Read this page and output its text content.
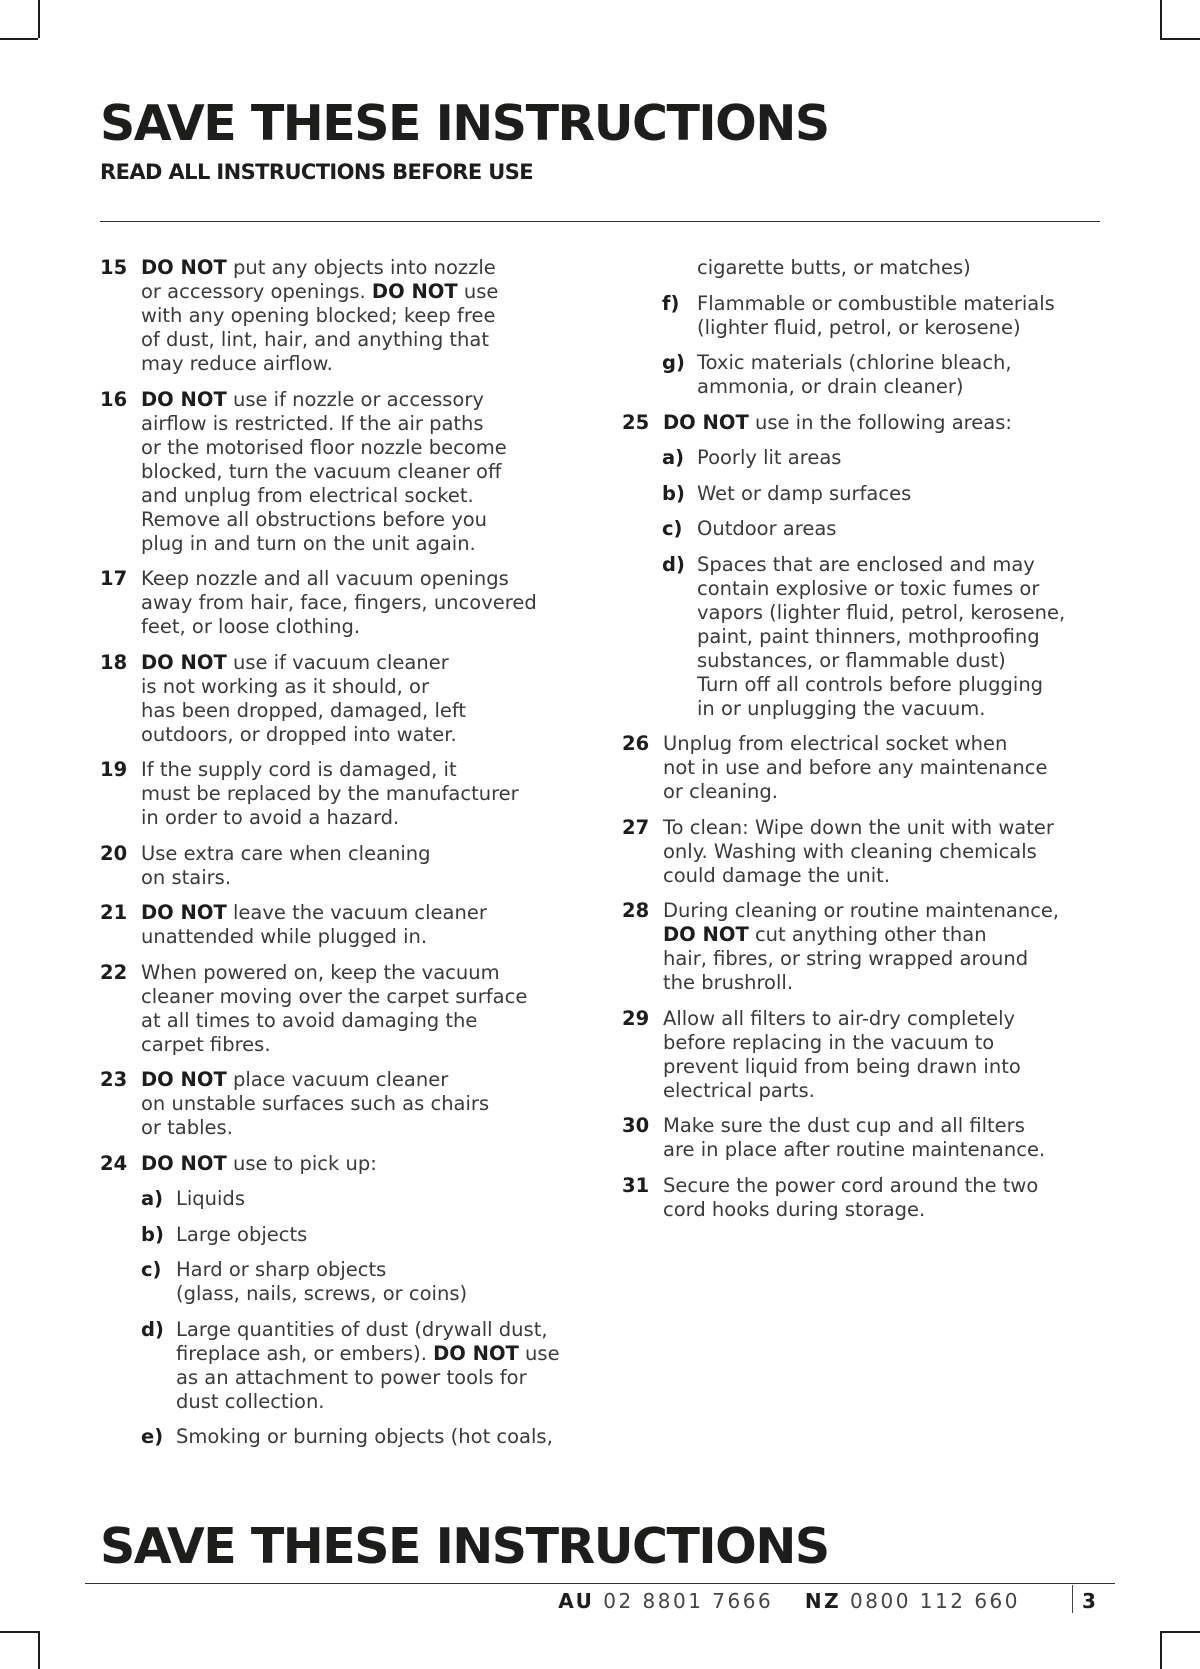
SAVE THESE INSTRUCTIONS
READ ALL INSTRUCTIONS BEFORE USE
15 DO NOT put any objects into nozzle
or accessory openings. DO NOT use
with any opening blocked; keep free
of dust, lint, hair, and anything that
may reduce airflow.
16 DO NOT use if nozzle or accessory
airflow is restricted. If the air paths
or the motorised floor nozzle become
blocked, turn the vacuum cleaner off
and unplug from electrical socket.
Remove all obstructions before you
plug in and turn on the unit again.
17 Keep nozzle and all vacuum openings
away from hair, face, fingers, uncovered
feet, or loose clothing.
18 DO NOT use if vacuum cleaner
is not working as it should, or
has been dropped, damaged, left
outdoors, or dropped into water.
19 If the supply cord is damaged, it
must be replaced by the manufacturer
in order to avoid a hazard.
20 Use extra care when cleaning
on stairs.
21 DO NOT leave the vacuum cleaner
unattended while plugged in.
22 When powered on, keep the vacuum
cleaner moving over the carpet surface
at all times to avoid damaging the
carpet fibres.
23 DO NOT place vacuum cleaner
on unstable surfaces such as chairs
or tables.
24 DO NOT use to pick up:
a) Liquids
b) Large objects
c) Hard or sharp objects
(glass, nails, screws, or coins)
d) Large quantities of dust (drywall dust,
fireplace ash, or embers). DO NOT use
as an attachment to power tools for
dust collection.
e) Smoking or burning objects (hot coals,
cigarette butts, or matches)
f) Flammable or combustible materials
(lighter fluid, petrol, or kerosene)
g) Toxic materials (chlorine bleach,
ammonia, or drain cleaner)
25 DO NOT use in the following areas:
a) Poorly lit areas
b) Wet or damp surfaces
c) Outdoor areas
d) Spaces that are enclosed and may
contain explosive or toxic fumes or
vapors (lighter fluid, petrol, kerosene,
paint, paint thinners, mothproofing
substances, or flammable dust)
Turn off all controls before plugging
in or unplugging the vacuum.
26 Unplug from electrical socket when
not in use and before any maintenance
or cleaning.
27 To clean: Wipe down the unit with water
only. Washing with cleaning chemicals
could damage the unit.
28 During cleaning or routine maintenance,
DO NOT cut anything other than
hair, fibres, or string wrapped around
the brushroll.
29 Allow all filters to air-dry completely
before replacing in the vacuum to
prevent liquid from being drawn into
electrical parts.
30 Make sure the dust cup and all filters
are in place after routine maintenance.
31 Secure the power cord around the two
cord hooks during storage.
SAVE THESE INSTRUCTIONS
AU 02 8801 7666 NZ 0800 112 660	3
